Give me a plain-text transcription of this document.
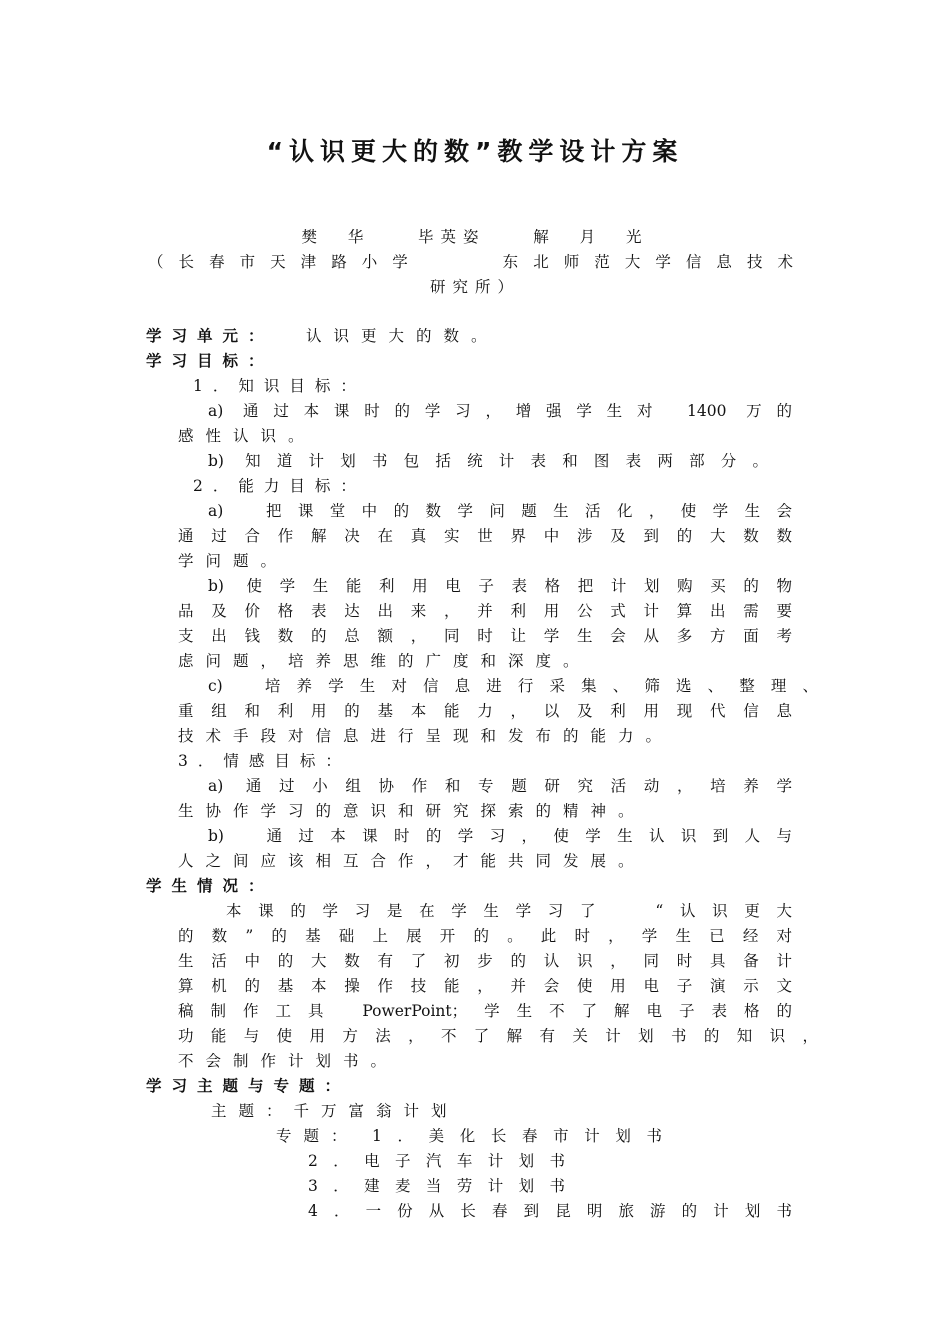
“认识更大的数”教学设计方案
樊  华    毕英姿    解  月  光
（长春市天津路小学    东北师范大学信息技术
研究所）
学习单元： 认识更大的数。
学习目标：
1．知识目标：
a) 通过本课时的学习，增强学生对 1400 万的
感性认识。
b) 知道计划书包括统计表和图表两部分。
2．能力目标：
a)  把课堂中的数学问题生活化，使学生会
通过合作解决在真实世界中涉及到的大数数
学问题。
b) 使学生能利用电子表格把计划购买的物
品及价格表达出来，并利用公式计算出需要
支出钱数的总额，同时让学生会从多方面考
虑问题，培养思维的广度和深度。
c)  培养学生对信息进行采集、筛选、整理、
重组和利用的基本能力，以及利用现代信息
技术手段对信息进行呈现和发布的能力。
3．情感目标：
a) 通过小组协作和专题研究活动，培养学
生协作学习的意识和研究探索的精神。
b)  通过本课时的学习，使学生认识到人与
人之间应该相互合作，才能共同发展。
学生情况：
本课的学习是在学生学习了  “认识更大
的数”的基础上展开的。此时，学生已经对
生活中的大数有了初步的认识，同时具备计
算机的基本操作技能，并会使用电子演示文
稿制作工具 PowerPoint；学生不了解电子表格的
功能与使用方法，不了解有关计划书的知识，
不会制作计划书。
学习主题与专题：
主题：千万富翁计划
专题： 1．美化长春市计划书
2．电子汽车计划书
3．建麦当劳计划书
4．一份从长春到昆明旅游的计划书
